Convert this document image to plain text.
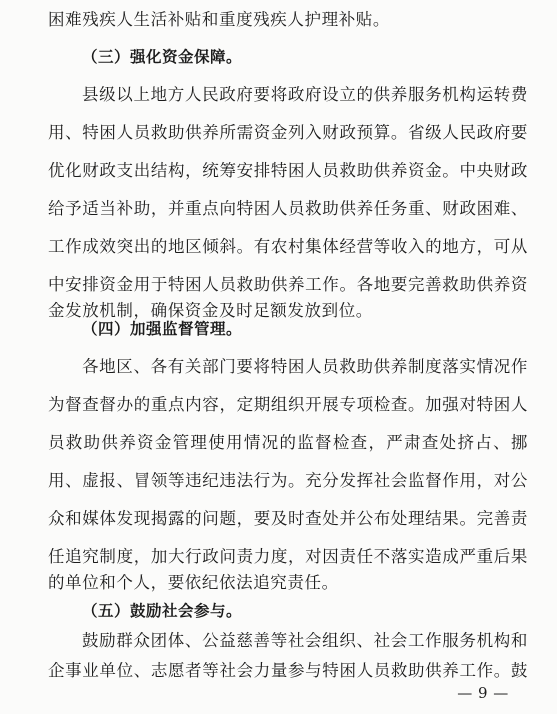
困难残疾人生活补贴和重度残疾人护理补贴。
（三）强化资金保障。
县级以上地方人民政府要将政府设立的供养服务机构运转费
用、特困人员救助供养所需资金列入财政预算。省级人民政府要
优化财政支出结构，统筹安排特困人员救助供养资金。中央财政
给予适当补助，并重点向特困人员救助供养任务重、财政困难、
工作成效突出的地区倾斜。有农村集体经营等收入的地方，可从
中安排资金用于特困人员救助供养工作。各地要完善救助供养资
金发放机制，确保资金及时足额发放到位。
（四）加强监督管理。
各地区、各有关部门要将特困人员救助供养制度落实情况作
为督查督办的重点内容，定期组织开展专项检查。加强对特困人
员救助供养资金管理使用情况的监督检查，严肃查处挤占、挪
用、虚报、冒领等违纪违法行为。充分发挥社会监督作用，对公
众和媒体发现揭露的问题，要及时查处并公布处理结果。完善责
任追究制度，加大行政问责力度，对因责任不落实造成严重后果
的单位和个人，要依纪依法追究责任。
（五）鼓励社会参与。
鼓励群众团体、公益慈善等社会组织、社会工作服务机构和
企事业单位、志愿者等社会力量参与特困人员救助供养工作。鼓
— 9 —
